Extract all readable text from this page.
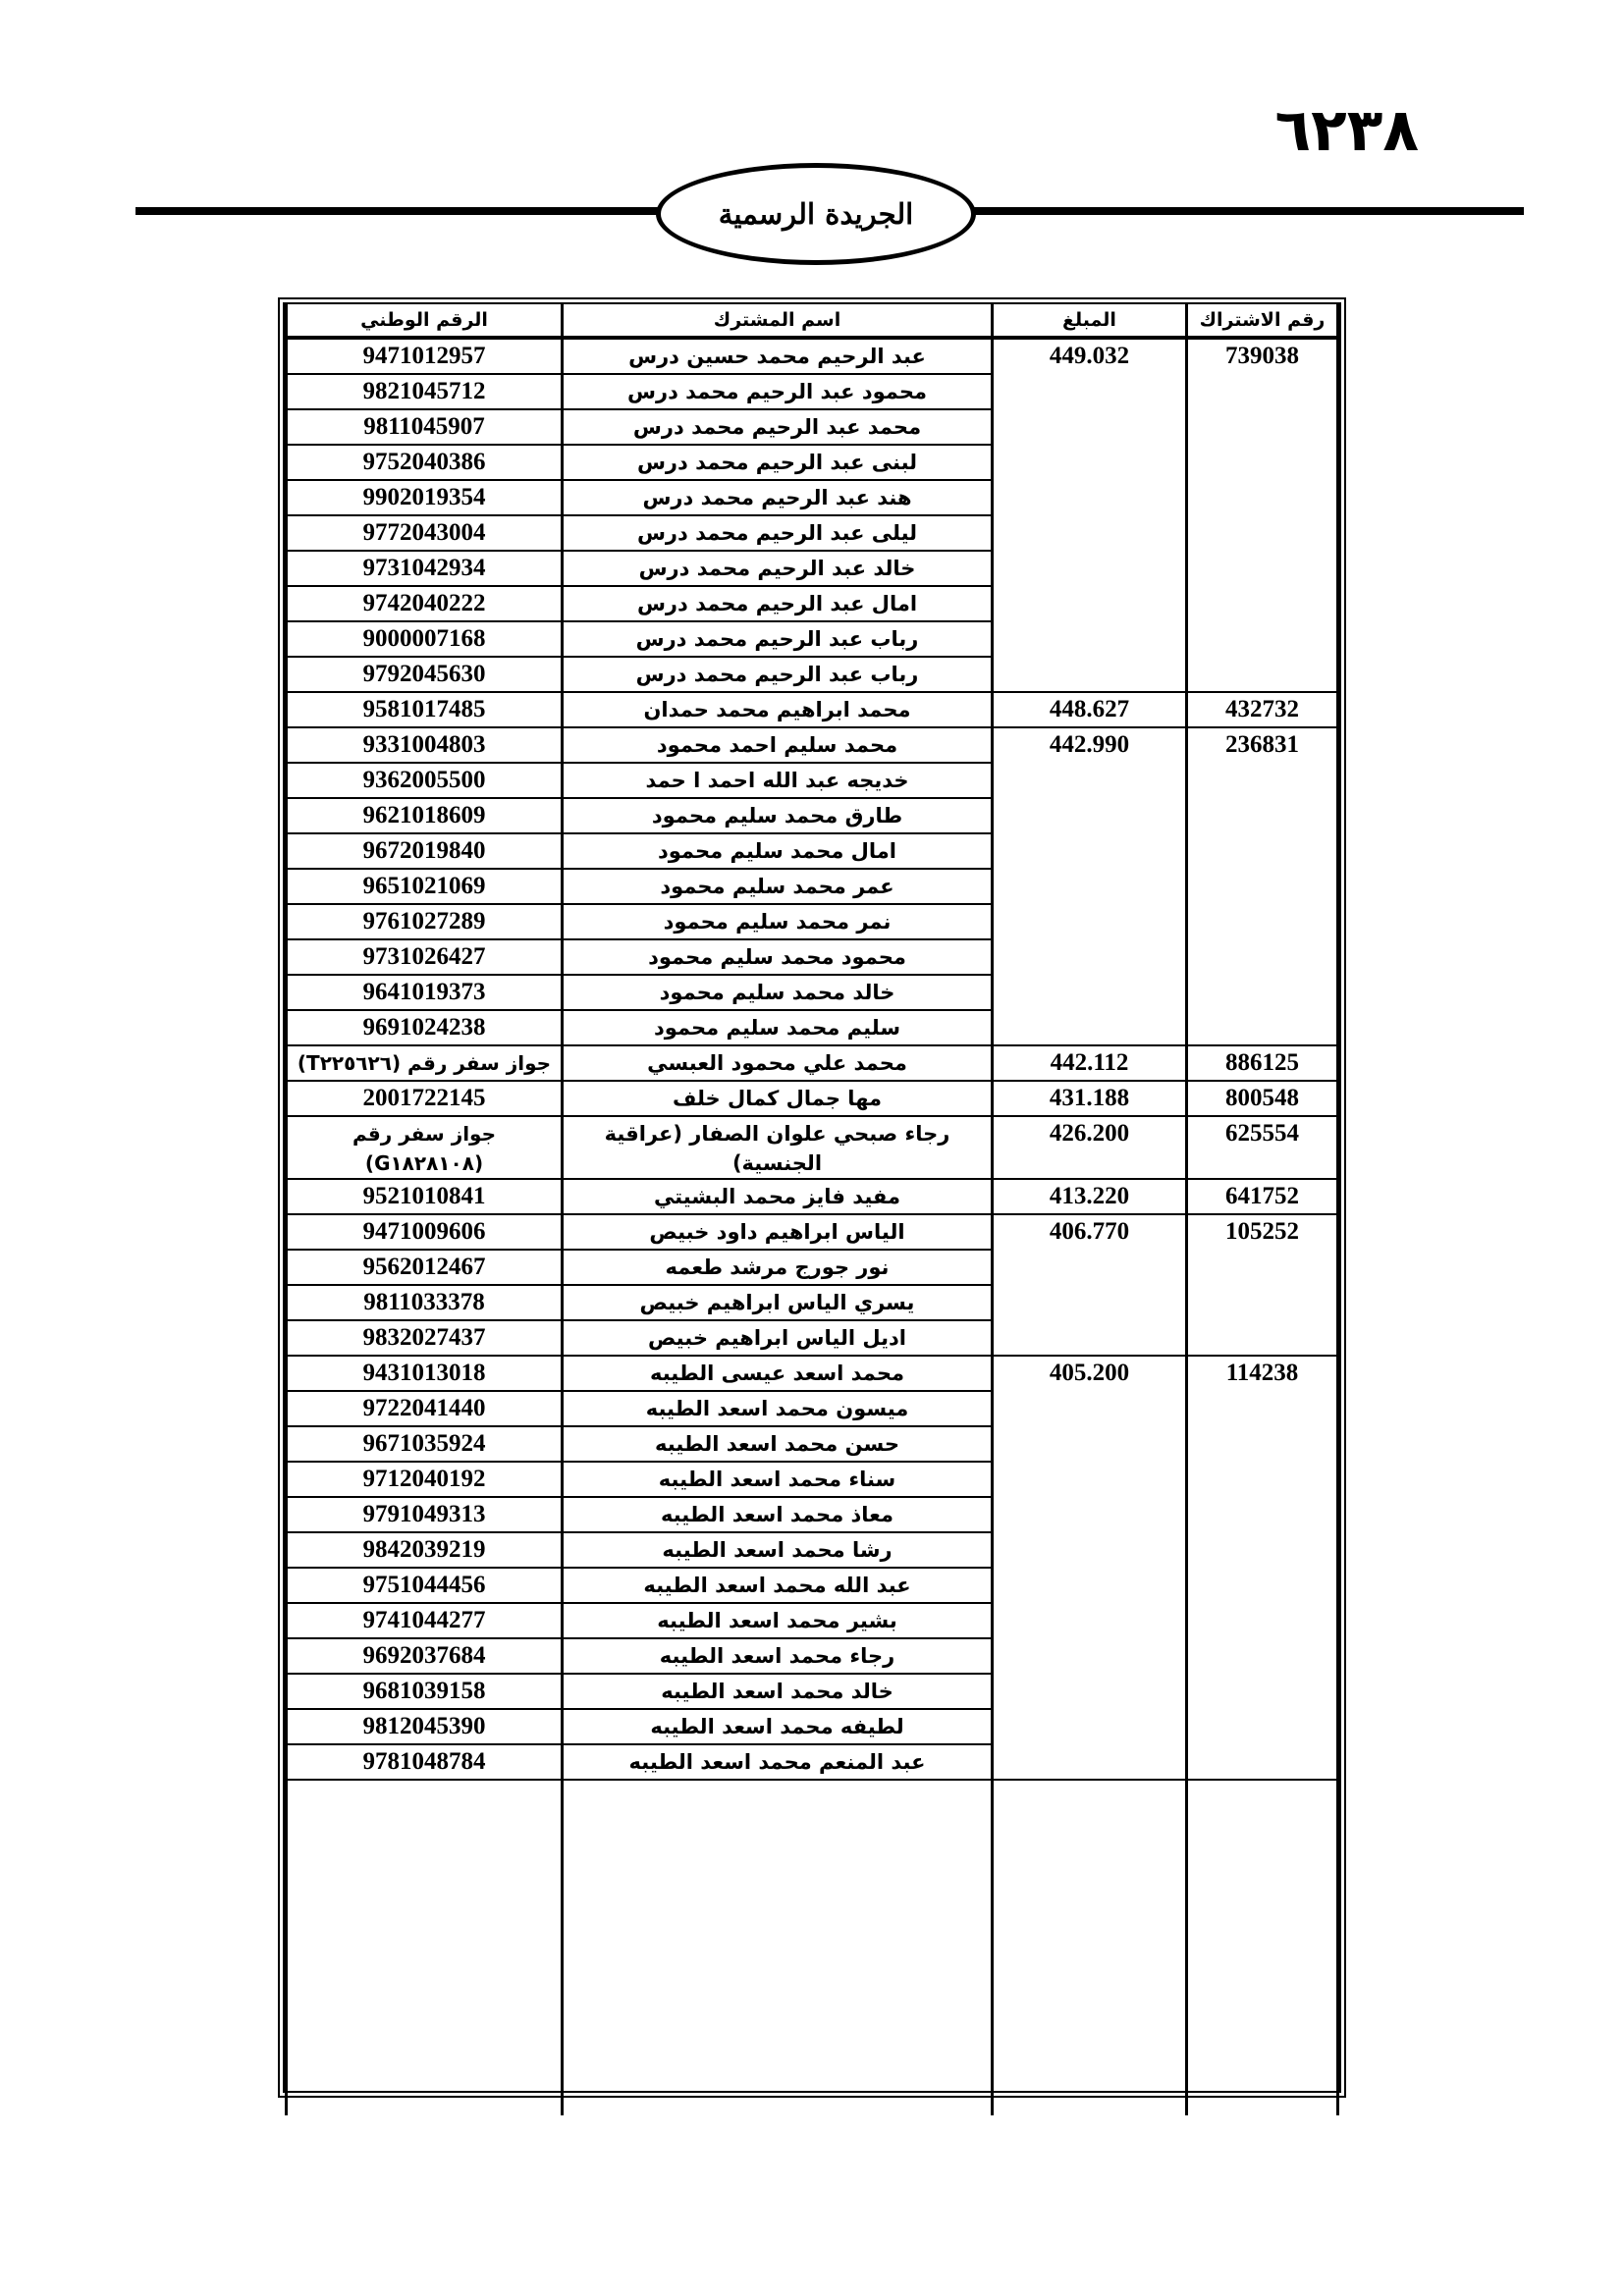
٦٢٣٨
الجريدة الرسمية
رقم الاشتراك	المبلغ	اسم المشترك	الرقم الوطني
739038	449.032	عبد الرحيم محمد حسين درس	9471012957
		محمود عبد الرحيم محمد درس	9821045712
		محمد عبد الرحيم محمد درس	9811045907
		لبنى عبد الرحيم محمد درس	9752040386
		هند عبد الرحيم محمد درس	9902019354
		ليلى عبد الرحيم محمد درس	9772043004
		خالد عبد الرحيم محمد درس	9731042934
		امال عبد الرحيم محمد درس	9742040222
		رباب عبد الرحيم محمد درس	9000007168
		رباب عبد الرحيم محمد درس	9792045630
432732	448.627	محمد ابراهيم محمد حمدان	9581017485
236831	442.990	محمد سليم احمد محمود	9331004803
		خديجه عبد الله احمد ا حمد	9362005500
		طارق محمد سليم محمود	9621018609
		امال محمد سليم محمود	9672019840
		عمر محمد سليم محمود	9651021069
		نمر محمد سليم محمود	9761027289
		محمود محمد سليم محمود	9731026427
		خالد محمد سليم محمود	9641019373
		سليم محمد سليم محمود	9691024238
886125	442.112	محمد علي محمود العبسي	جواز سفر رقم (T٢٢٥٦٢٦)
800548	431.188	مها جمال كمال خلف	2001722145
625554	426.200	رجاء صبحي علوان الصفار (عراقية الجنسية)	جواز سفر رقم (G١٨٢٨١٠٨)
641752	413.220	مفيد فايز محمد البشيتي	9521010841
105252	406.770	الياس ابراهيم داود خبيص	9471009606
		نور جورج مرشد طعمه	9562012467
		يسري الياس ابراهيم خبيص	9811033378
		اديل الياس ابراهيم خبيص	9832027437
114238	405.200	محمد اسعد عيسى الطيبه	9431013018
		ميسون محمد اسعد الطيبه	9722041440
		حسن محمد اسعد الطيبه	9671035924
		سناء محمد اسعد الطيبه	9712040192
		معاذ محمد اسعد الطيبه	9791049313
		رشا محمد اسعد الطيبه	9842039219
		عبد الله محمد اسعد الطيبه	9751044456
		بشير محمد اسعد الطيبه	9741044277
		رجاء محمد اسعد الطيبه	9692037684
		خالد محمد اسعد الطيبه	9681039158
		لطيفه محمد اسعد الطيبه	9812045390
		عبد المنعم محمد اسعد الطيبه	9781048784
